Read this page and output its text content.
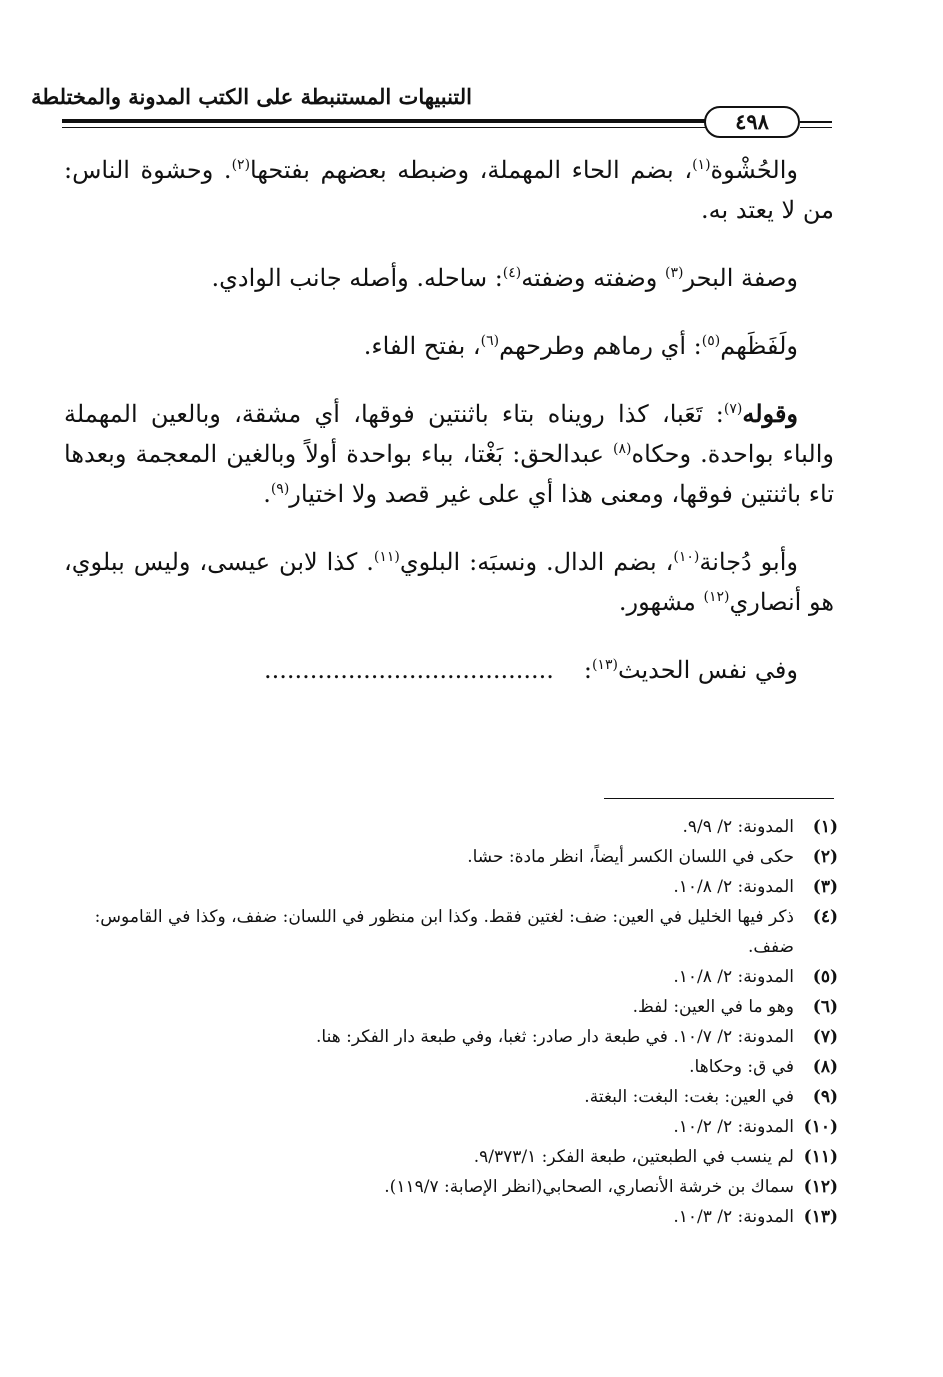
التنبيهات المستنبطة على الكتب المدونة والمختلطة
٤٩٨

والحُشْوة$^{(١)}$، بضم الحاء المهملة، وضبطه بعضهم بفتحها$^{(٢)}$. وحشوة الناس: من لا يعتد به.

وصفة البحر$^{(٣)}$ وضفته وضفته$^{(٤)}$: ساحله. وأصله جانب الوادي.

ولَفَظَهم$^{(٥)}$: أي رماهم وطرحهم$^{(٦)}$، بفتح الفاء.

وقوله$^{(٧)}$: تَعَبا، كذا رويناه بتاء باثنتين فوقها، أي مشقة، وبالعين المهملة والباء بواحدة. وحكاه$^{(٨)}$ عبدالحق: بَغْتا، بباء بواحدة أولاً وبالغين المعجمة وبعدها تاء باثنتين فوقها، ومعنى هذا أي على غير قصد ولا اختيار$^{(٩)}$.

وأبو دُجانة$^{(١٠)}$، بضم الدال. ونسبَه: البلوي$^{(١١)}$. كذا لابن عيسى، وليس ببلوي، هو أنصاري$^{(١٢)}$ مشهور.

وفي نفس الحديث$^{(١٣)}$:......................................

(١)
المدونة: ٢/ ٩/٩.
(٢)
حكى في اللسان الكسر أيضاً، انظر مادة: حشا.
(٣)
المدونة: ٢/ ١٠/٨.
(٤)
ذكر فيها الخليل في العين: ضف: لغتين فقط. وكذا ابن منظور في اللسان: ضفف، وكذا في القاموس: ضفف.
(٥)
المدونة: ٢/ ١٠/٨.
(٦)
وهو ما في العين: لفظ.
(٧)
المدونة: ٢/ ١٠/٧. في طبعة دار صادر: ثغبا، وفي طبعة دار الفكر: هنا.
(٨)
في ق: وحكاها.
(٩)
في العين: بغت: البغت: البغتة.
(١٠)
المدونة: ٢/ ١٠/٢.
(١١)
لم ينسب في الطبعتين، طبعة الفكر: ٩/٣٧٣/١.
(١٢)
سماك بن خرشة الأنصاري، الصحابي(انظر الإصابة: ١١٩/٧).
(١٣)
المدونة: ٢/ ١٠/٣.
